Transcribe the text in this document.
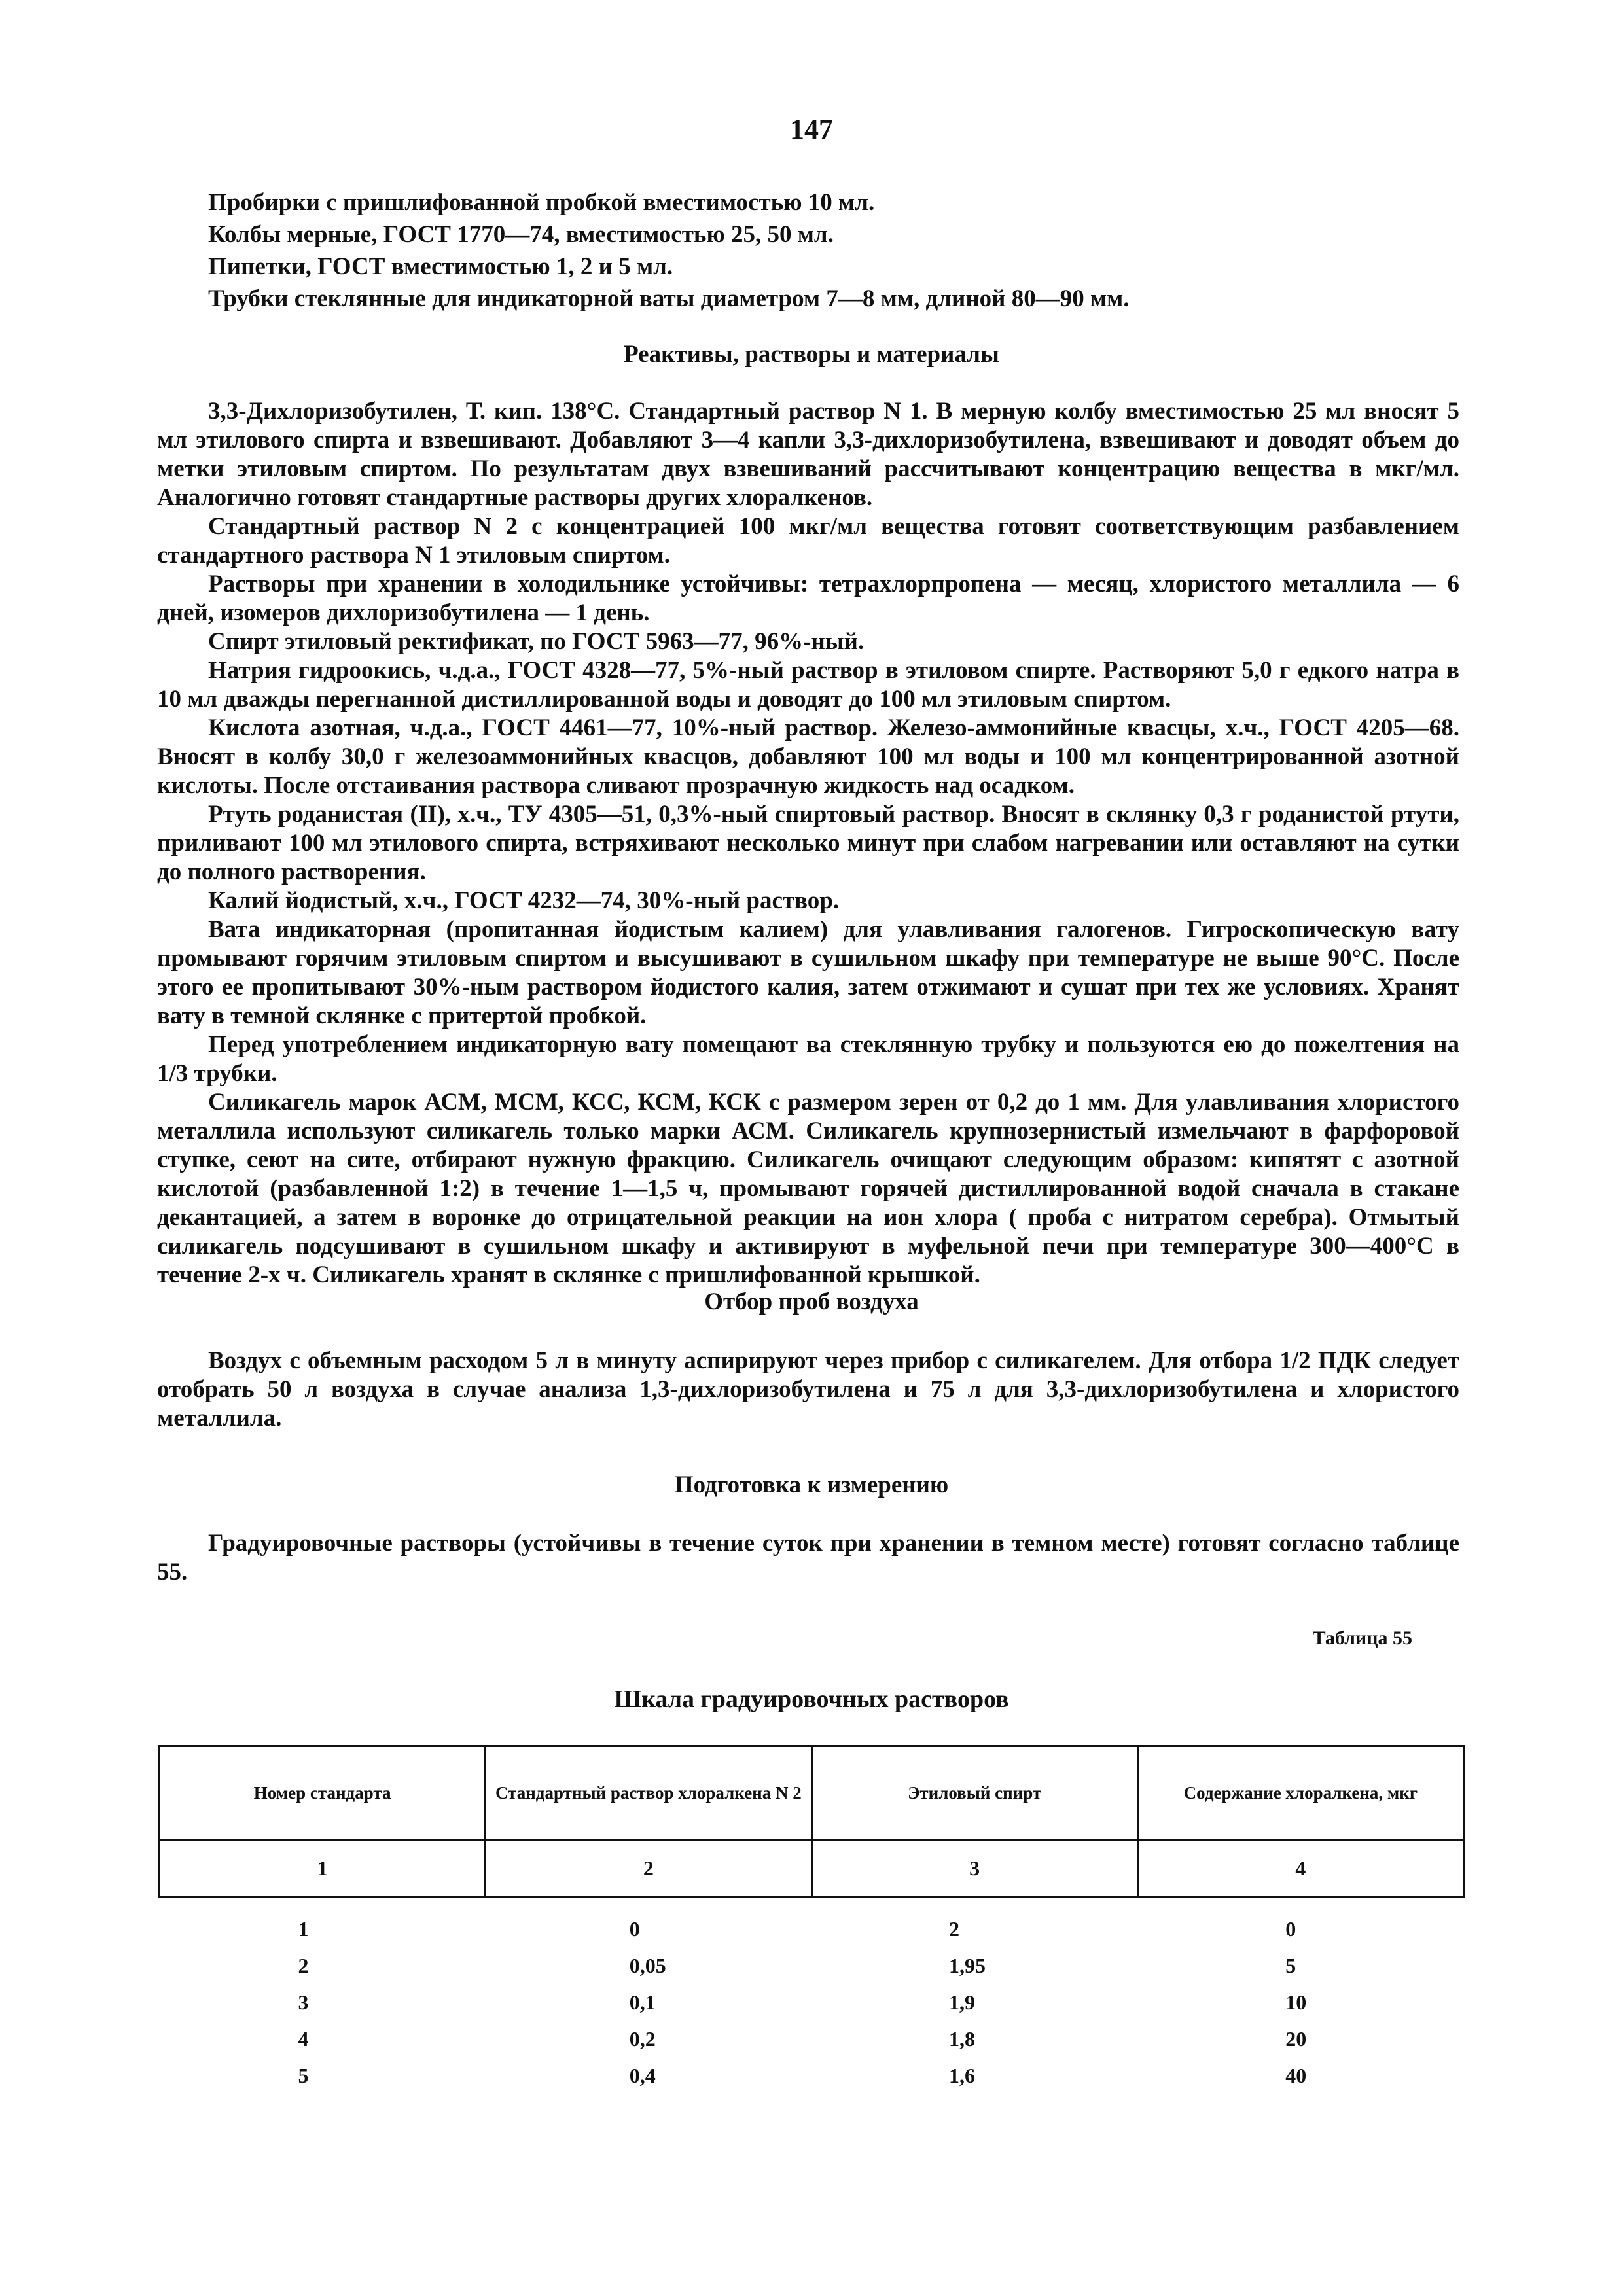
147
Пробирки с пришлифованной пробкой вместимостью 10 мл.
Колбы мерные, ГОСТ 1770—74, вместимостью 25, 50 мл.
Пипетки, ГОСТ вместимостью 1, 2 и 5 мл.
Трубки стеклянные для индикаторной ваты диаметром 7—8 мм, длиной 80—90 мм.
Реактивы, растворы и материалы

3,3-Дихлоризобутилен, Т. кип. 138°С. Стандартный раствор N 1. В мерную колбу вместимостью 25 мл вносят 5 мл этилового спирта и взвешивают. Добавляют 3—4 капли 3,3-дихлоризобутилена, взвешивают и доводят объем до метки этиловым спиртом. По результатам двух взвешиваний рассчитывают концентрацию вещества в мкг/мл. Аналогично готовят стандартные растворы других хлоралкенов.

Стандартный раствор N 2 с концентрацией 100 мкг/мл вещества готовят соответствующим разбавлением стандартного раствора N 1 этиловым спиртом.

Растворы при хранении в холодильнике устойчивы: тетрахлорпропена — месяц, хлористого металлила — 6 дней, изомеров дихлоризобутилена — 1 день.

Спирт этиловый ректификат, по ГОСТ 5963—77, 96%-ный.

Натрия гидроокись, ч.д.а., ГОСТ 4328—77, 5%-ный раствор в этиловом спирте. Растворяют 5,0 г едкого натра в 10 мл дважды перегнанной дистиллированной воды и доводят до 100 мл этиловым спиртом.

Кислота азотная, ч.д.а., ГОСТ 4461—77, 10%-ный раствор. Железо-аммонийные квасцы, х.ч., ГОСТ 4205—68. Вносят в колбу 30,0 г железоаммонийных квасцов, добавляют 100 мл воды и 100 мл концентрированной азотной кислоты. После отстаивания раствора сливают прозрачную жидкость над осадком.

Ртуть роданистая (II), х.ч., ТУ 4305—51, 0,3%-ный спиртовый раствор. Вносят в склянку 0,3 г роданистой ртути, приливают 100 мл этилового спирта, встряхивают несколько минут при слабом нагревании или оставляют на сутки до полного растворения.

Калий йодистый, х.ч., ГОСТ 4232—74, 30%-ный раствор.

Вата индикаторная (пропитанная йодистым калием) для улавливания галогенов. Гигроскопическую вату промывают горячим этиловым спиртом и высушивают в сушильном шкафу при температуре не выше 90°С. После этого ее пропитывают 30%-ным раствором йодистого калия, затем отжимают и сушат при тех же условиях. Хранят вату в темной склянке с притертой пробкой.

Перед употреблением индикаторную вату помещают ва стеклянную трубку и пользуются ею до пожелтения на 1/3 трубки.

Силикагель марок АСМ, МСМ, КСС, КСМ, КСК с размером зерен от 0,2 до 1 мм. Для улавливания хлористого металлила используют силикагель только марки АСМ. Силикагель крупнозернистый измельчают в фарфоровой ступке, сеют на сите, отбирают нужную фракцию. Силикагель очищают следующим образом: кипятят с азотной кислотой (разбавленной 1:2) в течение 1—1,5 ч, промывают горячей дистиллированной водой сначала в стакане декантацией, а затем в воронке до отрицательной реакции на ион хлора ( проба с нитратом серебра). Отмытый силикагель подсушивают в сушильном шкафу и активируют в муфельной печи при температуре 300—400°С в течение 2-х ч. Силикагель хранят в склянке с пришлифованной крышкой.

Отбор проб воздуха

Воздух с объемным расходом 5 л в минуту аспирируют через прибор с силикагелем. Для отбора 1/2 ПДК следует отобрать 50 л воздуха в случае анализа 1,3-дихлоризобутилена и 75 л для 3,3-дихлоризобутилена и хлористого металлила.

Подготовка к измерению

Градуировочные растворы (устойчивы в течение суток при хранении в темном месте) готовят согласно таблице 55.

Таблица 55
Шкала градуировочных растворов
Номер стандарта	Стандартный раствор хлоралкена N 2	Этиловый спирт	Содержание хлоралкена, мкг
1	2	3	4
1	0	2	0
2	0,05	1,95	5
3	0,1	1,9	10
4	0,2	1,8	20
5	0,4	1,6	40
